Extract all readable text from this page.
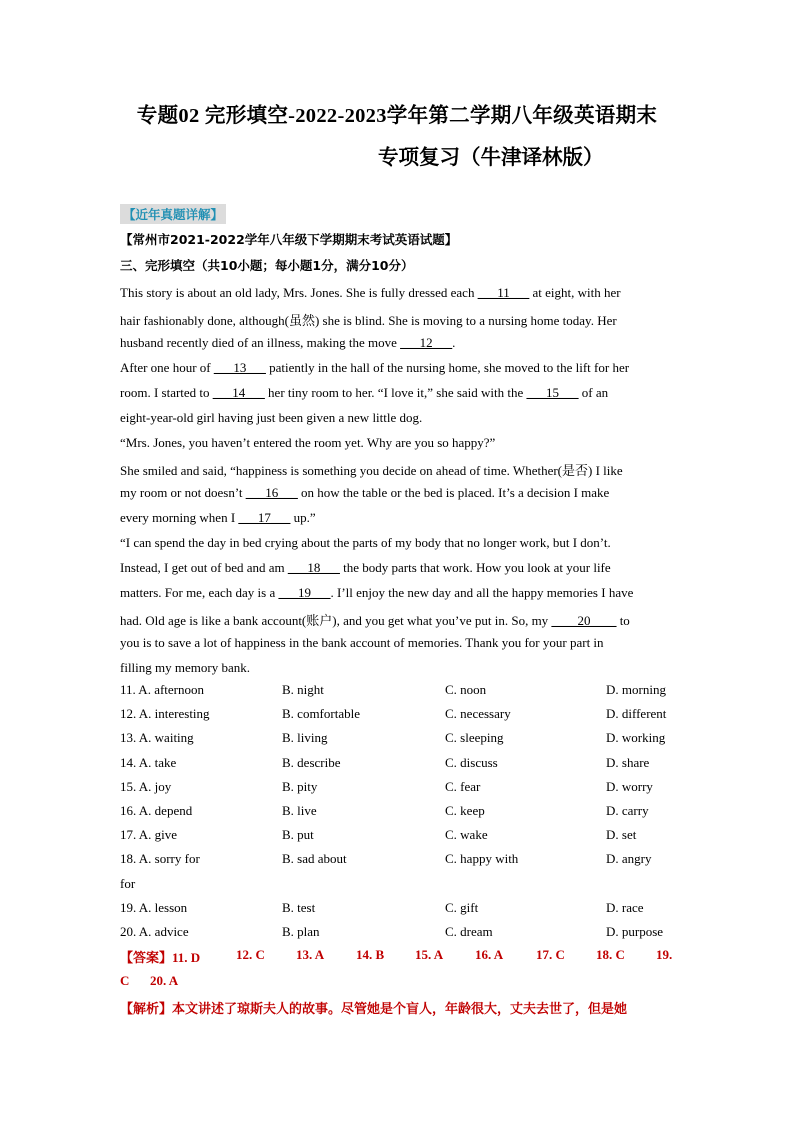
专题02 完形填空-2022-2023学年第二学期八年级英语期末
专项复习（牛津译林版）
【近年真题详解】
【常州市2021-2022学年八年级下学期期末考试英语试题】
三、完形填空（共10小题；每小题1分，满分10分）
This story is about an old lady, Mrs. Jones. She is fully dressed each ___11___ at eight, with her
hair fashionably done, although(虽然) she is blind. She is moving to a nursing home today. Her
husband recently died of an illness, making the move ___12___.
After one hour of ___13___ patiently in the hall of the nursing home, she moved to the lift for her
room. I started to ___14___ her tiny room to her. “I love it,” she said with the ___15___ of an
eight-year-old girl having just been given a new little dog.
“Mrs. Jones, you haven’t entered the room yet. Why are you so happy?”
She smiled and said, “happiness is something you decide on ahead of time. Whether(是否) I like
my room or not doesn’t ___16___ on how the table or the bed is placed. It’s a decision I make
every morning when I ___17___ up.”
“I can spend the day in bed crying about the parts of my body that no longer work, but I don’t.
Instead, I get out of bed and am ___18___ the body parts that work. How you look at your life
matters. For me, each day is a ___19___. I’ll enjoy the new day and all the happy memories I have
had. Old age is like a bank account(账户), and you get what you’ve put in. So, my ____20____ to
you is to save a lot of happiness in the bank account of memories. Thank you for your part in
filling my memory bank.
11. A. afternoon	B. night	C. noon	D. morning
12. A. interesting	B. comfortable	C. necessary	D. different
13. A. waiting	B. living	C. sleeping	D. working
14. A. take	B. describe	C. discuss	D. share
15. A. joy	B. pity	C. fear	D. worry
16. A. depend	B. live	C. keep	D. carry
17. A. give	B. put	C. wake	D. set
18. A. sorry for	B. sad about	C. happy with	D. angry
for
19. A. lesson	B. test	C. gift	D. race
20. A. advice	B. plan	C. dream	D. purpose
【答案】11. D	12. C 13. A 14. B 15. A 16. A	17. C 18. C 19.
C 20. A
【解析】本文讲述了琼斯夫人的故事。尽管她是个盲人，年龄很大，丈夫去世了，但是她
